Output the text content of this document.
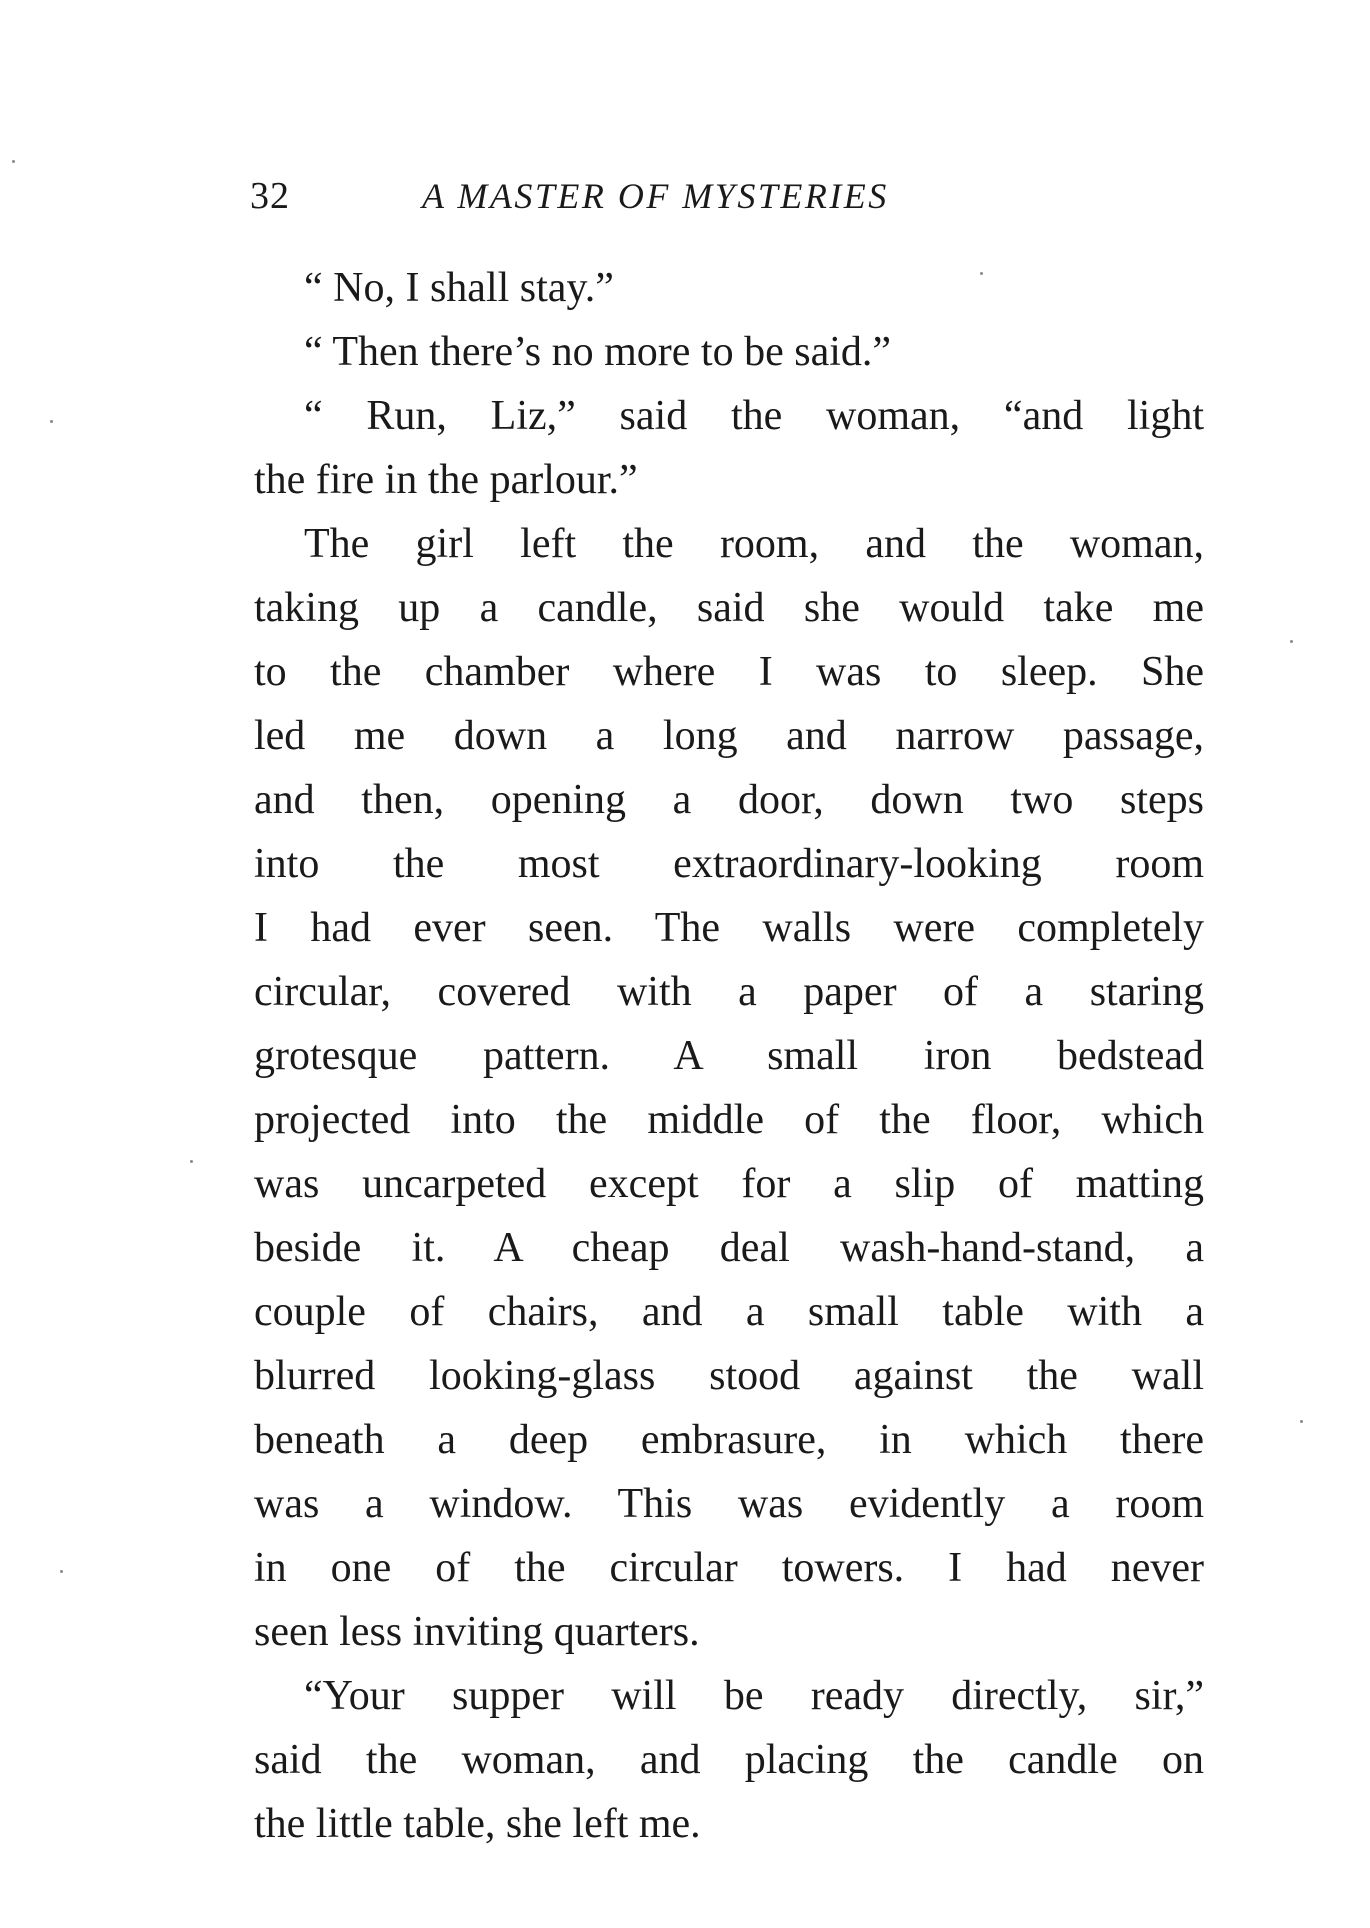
32	A MASTER OF MYSTERIES
“ No, I shall stay.”
“ Then there’s no more to be said.”
“ Run, Liz,” said the woman, “and light
the fire in the parlour.”
The girl left the room, and the woman,
taking up a candle, said she would take me
to the chamber where I was to sleep. She
led me down a long and narrow passage,
and then, opening a door, down two steps
into the most extraordinary-looking room
I had ever seen. The walls were completely
circular, covered with a paper of a staring
grotesque pattern. A small iron bedstead
projected into the middle of the floor, which
was uncarpeted except for a slip of matting
beside it. A cheap deal wash-hand-stand, a
couple of chairs, and a small table with a
blurred looking-glass stood against the wall
beneath a deep embrasure, in which there
was a window. This was evidently a room
in one of the circular towers. I had never
seen less inviting quarters.
“Your supper will be ready directly, sir,”
said the woman, and placing the candle on
the little table, she left me.
